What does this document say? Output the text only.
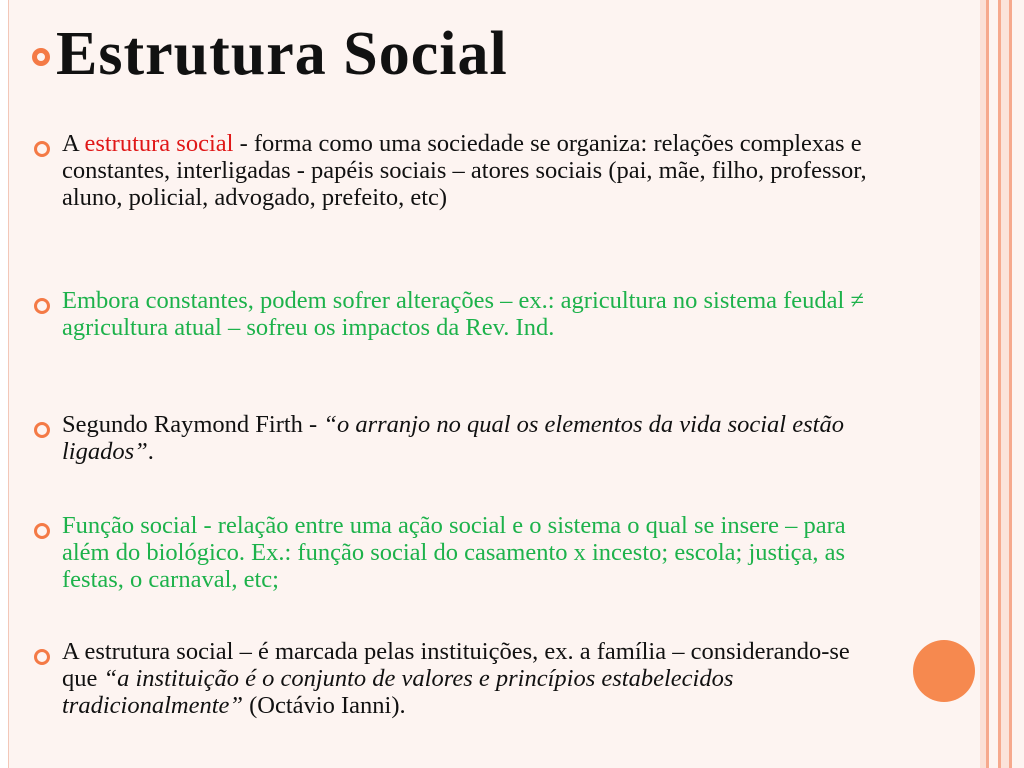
Estrutura Social
A estrutura social - forma como uma sociedade se organiza: relações complexas e constantes, interligadas - papéis sociais – atores sociais (pai, mãe, filho, professor, aluno, policial, advogado, prefeito, etc)
Embora constantes, podem sofrer alterações – ex.: agricultura no sistema feudal ≠ agricultura atual – sofreu os impactos da Rev. Ind.
Segundo Raymond Firth - “o arranjo no qual os elementos da vida social estão ligados”.
Função social - relação entre uma ação social e o sistema o qual se insere – para além do biológico. Ex.: função social do casamento x incesto; escola; justiça, as festas, o carnaval, etc;
A estrutura social – é marcada pelas instituições, ex. a família – considerando-se que “a instituição é o conjunto de valores e princípios estabelecidos tradicionalmente” (Octávio Ianni).
